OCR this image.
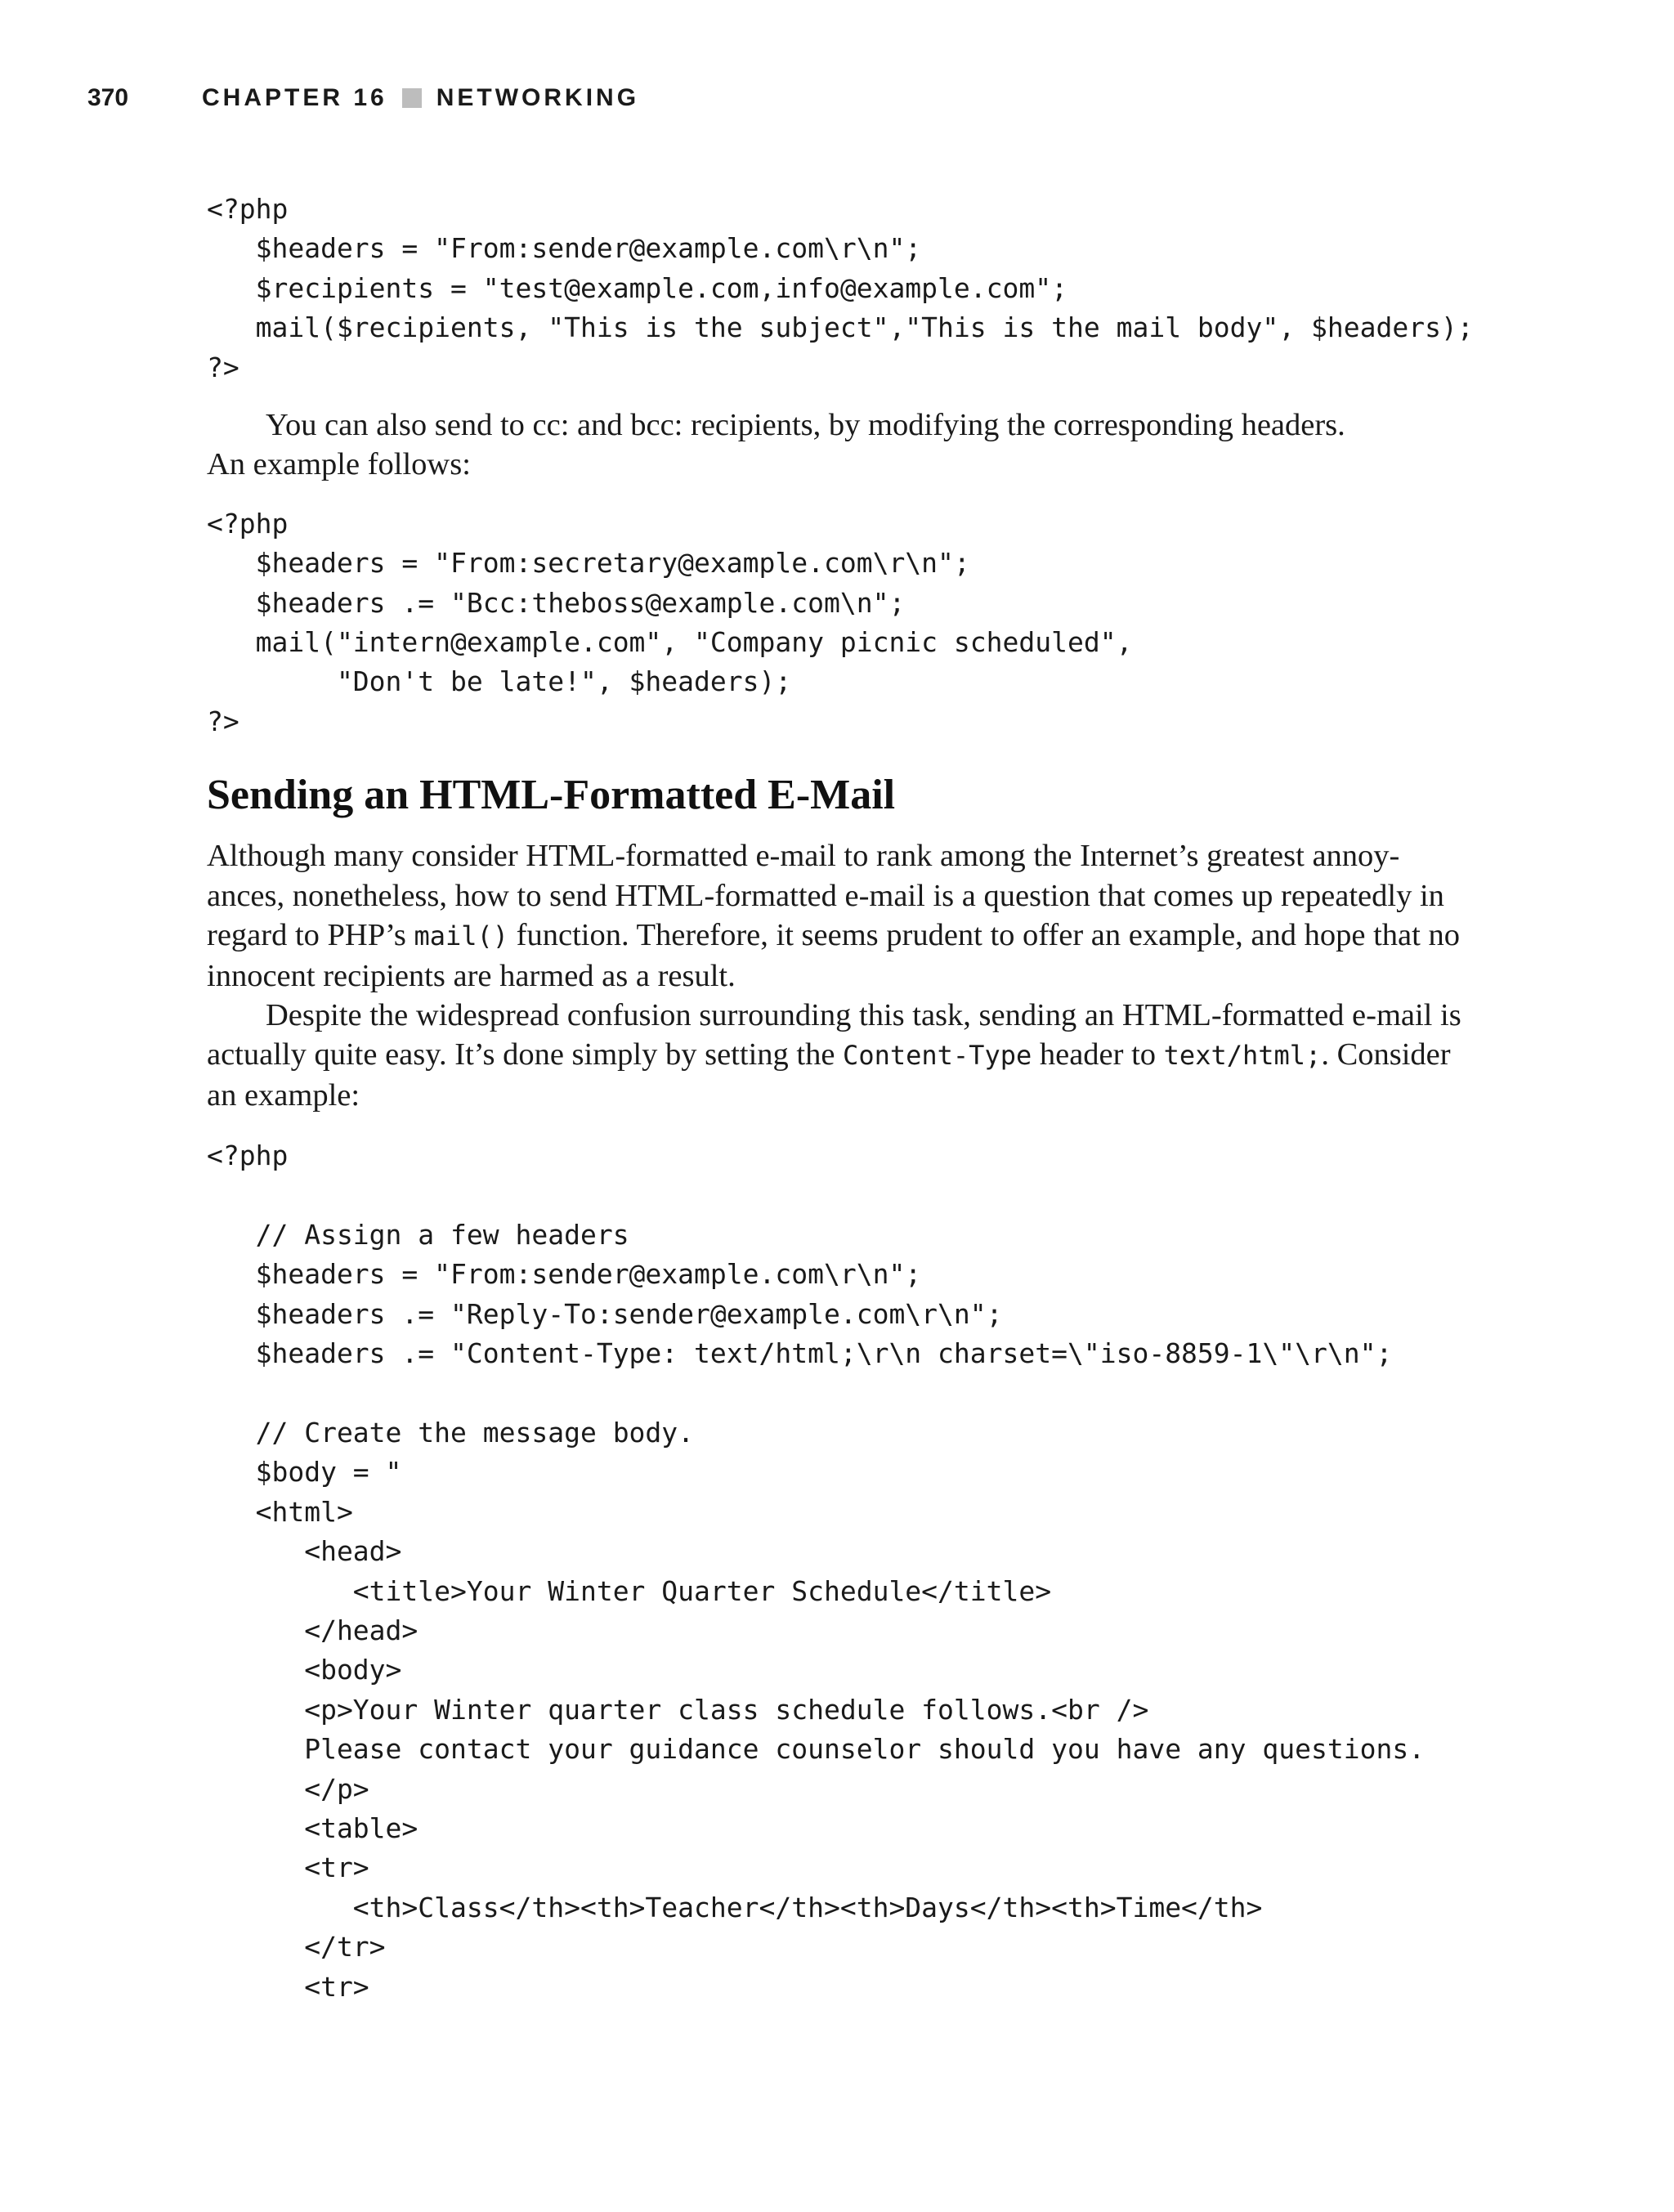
370	CHAPTER 16 NETWORKING
<?php
$headers = "From:sender@example.com\r\n";
$recipients = "test@example.com,info@example.com";
mail($recipients, "This is the subject","This is the mail body", $headers);
?>

You can also send to cc: and bcc: recipients, by modifying the corresponding headers.
An example follows:

<?php
$headers = "From:secretary@example.com\r\n";
$headers .= "Bcc:theboss@example.com\n";
mail("intern@example.com", "Company picnic scheduled",
"Don't be late!", $headers);
?>
Sending an HTML-Formatted E-Mail

Although many consider HTML-formatted e-mail to rank among the Internet’s greatest annoy-ances, nonetheless, how to send HTML-formatted e-mail is a question that comes up repeatedly in regard to PHP’s mail() function. Therefore, it seems prudent to offer an example, and hope that no innocent recipients are harmed as a result.

Despite the widespread confusion surrounding this task, sending an HTML-formatted e-mail is actually quite easy. It’s done simply by setting the Content-Type header to text/html;. Consider an example:

<?php

// Assign a few headers
$headers = "From:sender@example.com\r\n";
$headers .= "Reply-To:sender@example.com\r\n";
$headers .= "Content-Type: text/html;\r\n charset=\"iso-8859-1\"\r\n";

// Create the message body.
$body = "
<html>
<head>
<title>Your Winter Quarter Schedule</title>
</head>
<body>
<p>Your Winter quarter class schedule follows.<br />
Please contact your guidance counselor should you have any questions.
</p>
<table>
<tr>
<th>Class</th><th>Teacher</th><th>Days</th><th>Time</th>
</tr>
<tr>
